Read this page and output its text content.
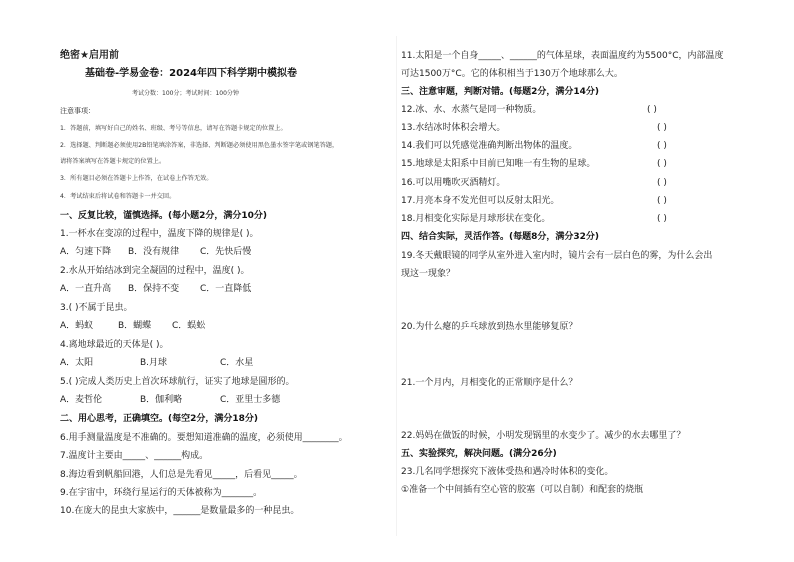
绝密★启用前
基础卷-学易金卷：2024年四下科学期中模拟卷
考试分数：100分；考试时间：100分钟
注意事项：
1．答题前，填写好自己的姓名、班级、考号等信息，请写在答题卡规定的位置上。
2．选择题、判断题必须使用2B铅笔填涂答案，非选择、判断题必须使用黑色墨水签字笔或钢笔答题，
请将答案填写在答题卡规定的位置上。
3．所有题目必须在答题卡上作答，在试卷上作答无效。
4．考试结束后将试卷和答题卡一并交回。
一、反复比较，谨慎选择。(每小题2分，满分10分)
1.一杯水在变凉的过程中，温度下降的规律是( )。
A．匀速下降 B．没有规律 C．先快后慢
2.水从开始结冰到完全凝固的过程中，温度( )。
A．一直升高 B．保持不变 C．一直降低
3.( )不属于昆虫。
A．蚂蚁	B．蝴蝶 C．蜈蚣
4.离地球最近的天体是( )。
A．太阳	B.月球	C．水星
5.( )完成人类历史上首次环球航行，证实了地球是圆形的。
A．麦哲伦	B．伽利略	C．亚里士多德
二、用心思考，正确填空。(每空2分，满分18分)
6.用手测量温度是不准确的。要想知道准确的温度，必须使用________。
7.温度计主要由_____、______构成。
8.海边看到帆船回港，人们总是先看见_____，后看见_____。
9.在宇宙中，环绕行星运行的天体被称为_______。
10.在庞大的昆虫大家族中，______是数量最多的一种昆虫。
11.太阳是一个自身_____、______的气体星球，表面温度约为5500°C，内部温度
可达1500万°C。它的体积相当于130万个地球那么大。
三、注意审题，判断对错。(每题2分，满分14分)
12.冰、水、水蒸气是同一种物质。	( )
13.水结冰时体积会增大。	( )
14.我们可以凭感觉准确判断出物体的温度。	( )
15.地球是太阳系中目前已知唯一有生物的星球。	( )
16.可以用嘴吹灭酒精灯。	( )
17.月亮本身不发光但可以反射太阳光。	( )
18.月相变化实际是月球形状在变化。	( )
四、结合实际，灵活作答。(每题8分，满分32分)
19.冬天戴眼镜的同学从室外进入室内时，镜片会有一层白色的雾，为什么会出
现这一现象？
20.为什么瘪的乒乓球放到热水里能够复原？
21.一个月内，月相变化的正常顺序是什么？
22.妈妈在做饭的时候，小明发现锅里的水变少了。减少的水去哪里了？
五、实验探究，解决问题。(满分26分)
23.几名同学想探究下液体受热和遇冷时体积的变化。
①准备一个中间插有空心管的胶塞（可以自制）和配套的烧瓶
